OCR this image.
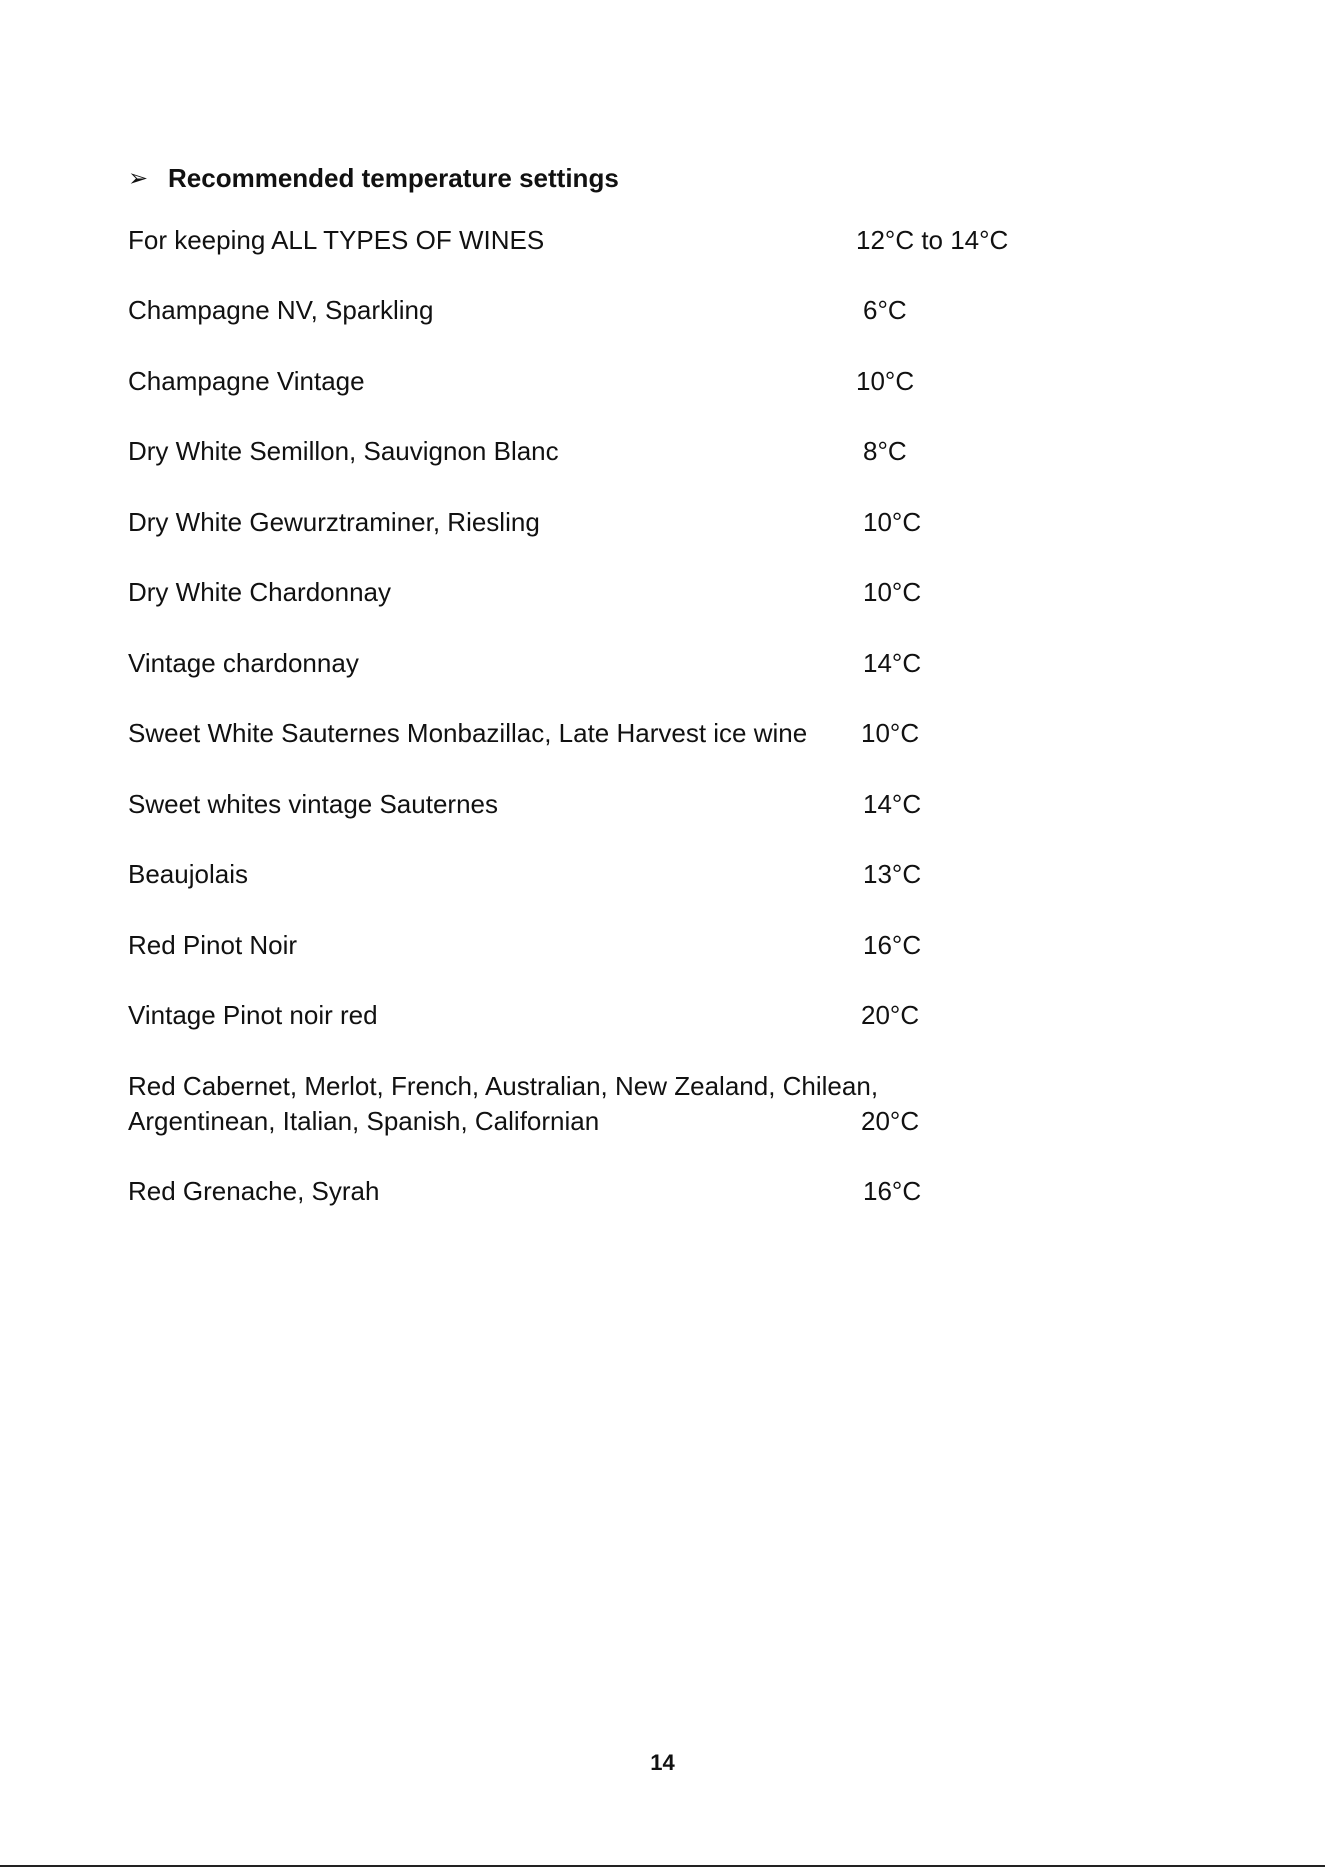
➢ Recommended temperature settings
For keeping ALL TYPES OF WINES	12°C to 14°C
Champagne NV, Sparkling	6°C
Champagne Vintage	10°C
Dry White Semillon, Sauvignon Blanc	8°C
Dry White Gewurztraminer, Riesling	10°C
Dry White Chardonnay	10°C
Vintage chardonnay	14°C
Sweet White Sauternes Monbazillac, Late Harvest ice wine 10°C
Sweet whites vintage Sauternes	14°C
Beaujolais	13°C
Red Pinot Noir	16°C
Vintage Pinot noir red	20°C
Red Cabernet, Merlot, French, Australian, New Zealand, Chilean,
Argentinean, Italian, Spanish, Californian	20°C
Red Grenache, Syrah	16°C
14
